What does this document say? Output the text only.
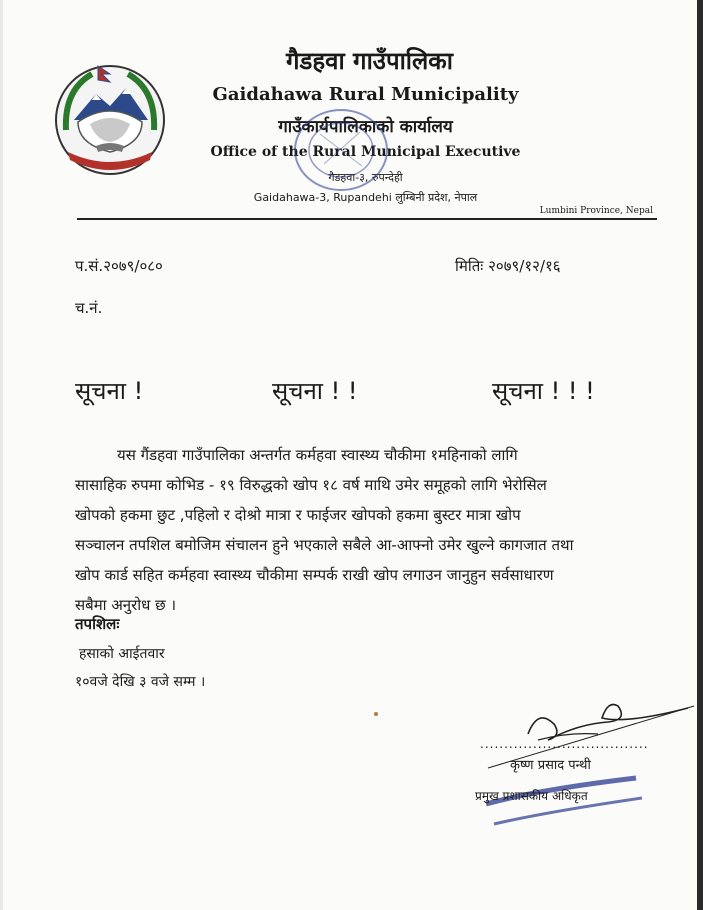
गैडहवा गाउँपालिका
Gaidahawa Rural Municipality
गाउँकार्यपालिकाको कार्यालय
Office of the Rural Municipal Executive
गैडहवा-३, रुपन्देही
Gaidahawa-3, Rupandehi लुम्बिनी प्रदेश, नेपाल
Lumbini Province, Nepal
प.सं.२०७९/०८०	मितिः २०७९/१२/१६
च.नं.
सूचना !	सूचना ! !	सूचना ! ! !
यस गैंडहवा गाउँपालिका अन्तर्गत कर्महवा स्वास्थ्य चौकीमा १महिनाको लागि
सासाहिक रुपमा कोभिड - १९ विरुद्धको खोप १८ वर्ष माथि उमेर समूहको लागि भेरोसिल
खोपको हकमा छुट ,पहिलो र दोश्रो मात्रा र फाईजर खोपको हकमा बुस्टर मात्रा खोप
सञ्चालन तपशिल बमोजिम संचालन हुने भएकाले सबैले आ-आफ्नो उमेर खुल्ने कागजात तथा
खोप कार्ड सहित कर्महवा स्वास्थ्य चौकीमा सम्पर्क राखी खोप लगाउन जानुहुन सर्वसाधारण
सबैमा अनुरोध छ ।
तपशिलः
हसाको आईतवार
१०वजे देखि ३ वजे सम्म ।
...................................
कृष्ण प्रसाद पन्थी
प्रमुख प्रशासकीय अधिकृत
